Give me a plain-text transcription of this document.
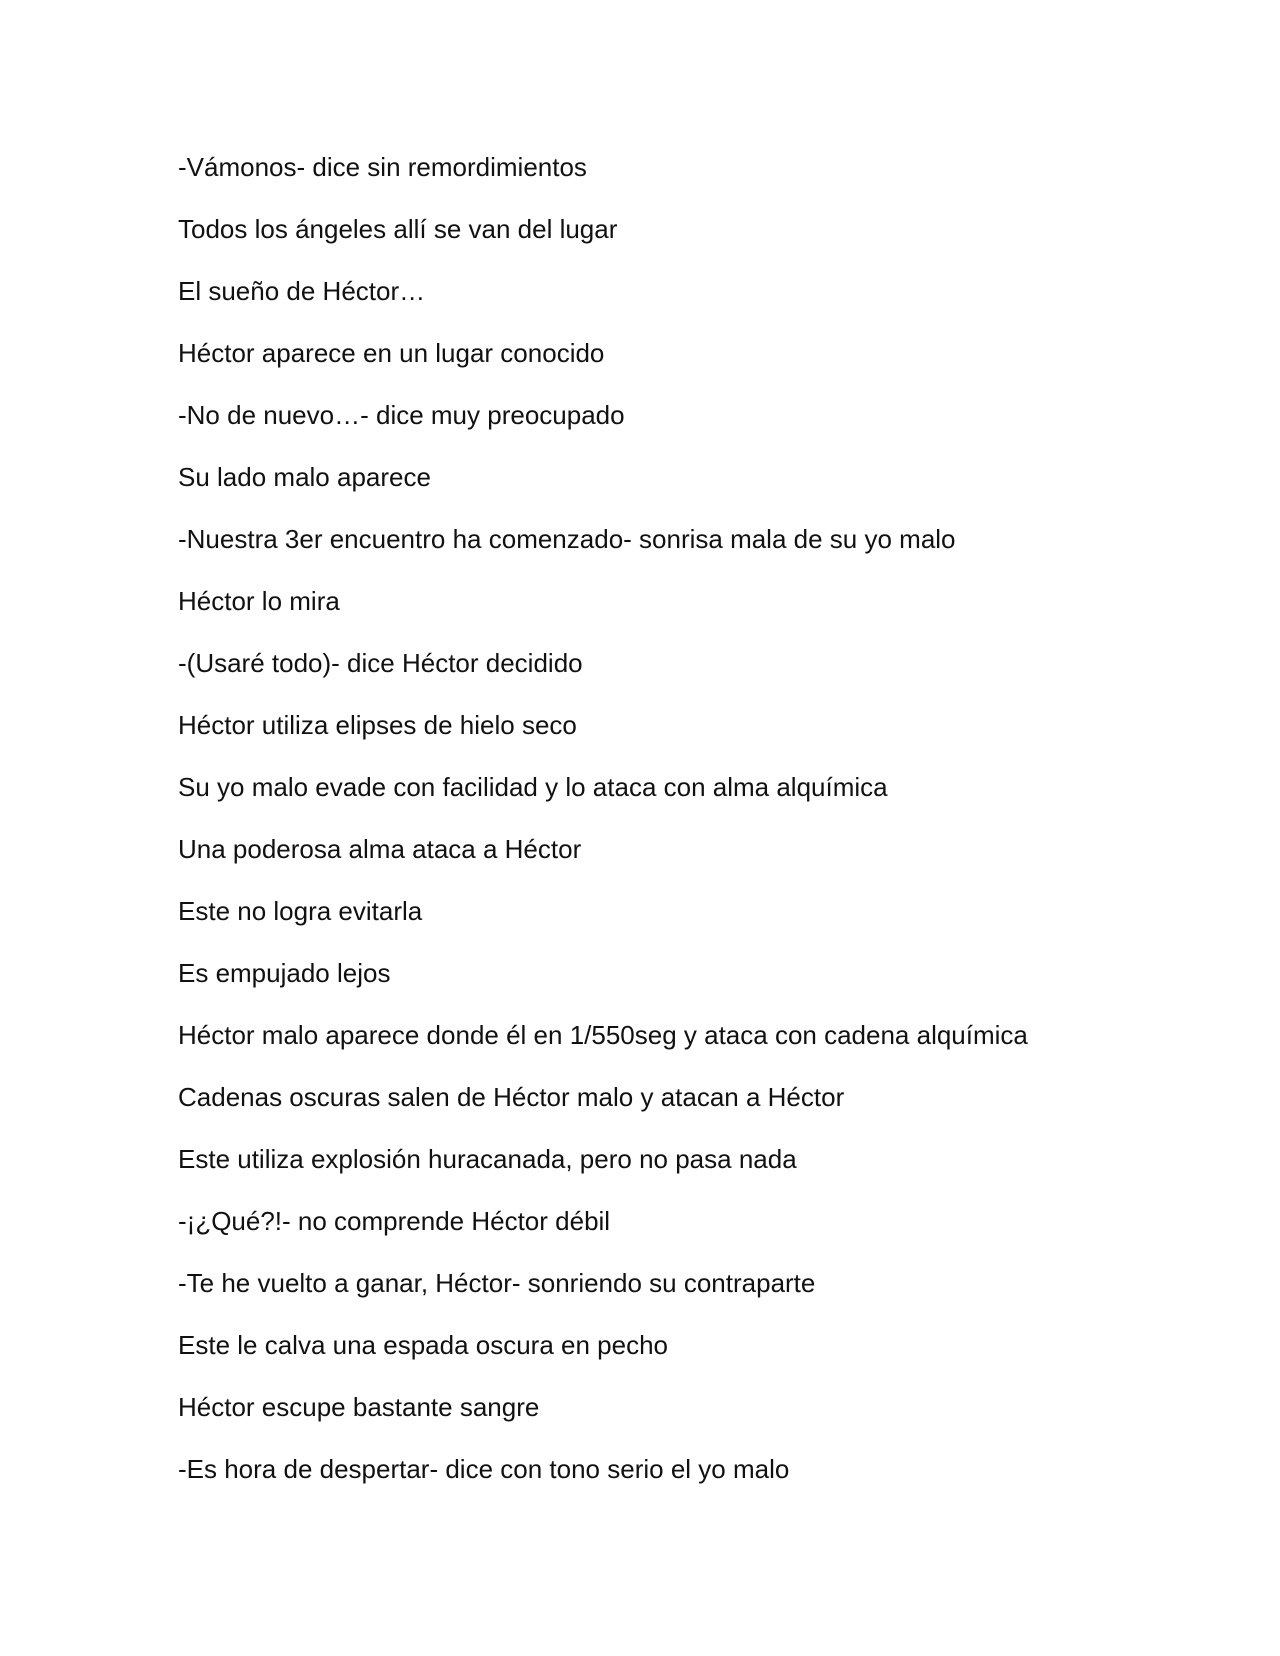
-Vámonos- dice sin remordimientos

Todos los ángeles allí se van del lugar

El sueño de Héctor…

Héctor aparece en un lugar conocido

-No de nuevo…- dice muy preocupado

Su lado malo aparece

-Nuestra 3er encuentro ha comenzado- sonrisa mala de su yo malo

Héctor lo mira

-(Usaré todo)- dice Héctor decidido

Héctor utiliza elipses de hielo seco

Su yo malo evade con facilidad y lo ataca con alma alquímica

Una poderosa alma ataca a Héctor

Este no logra evitarla

Es empujado lejos

Héctor malo aparece donde él en 1/550seg y ataca con cadena alquímica

Cadenas oscuras salen de Héctor malo y atacan a Héctor

Este utiliza explosión huracanada, pero no pasa nada

-¡¿Qué?!- no comprende Héctor débil

-Te he vuelto a ganar, Héctor- sonriendo su contraparte

Este le calva una espada oscura en pecho

Héctor escupe bastante sangre

-Es hora de despertar- dice con tono serio el yo malo
